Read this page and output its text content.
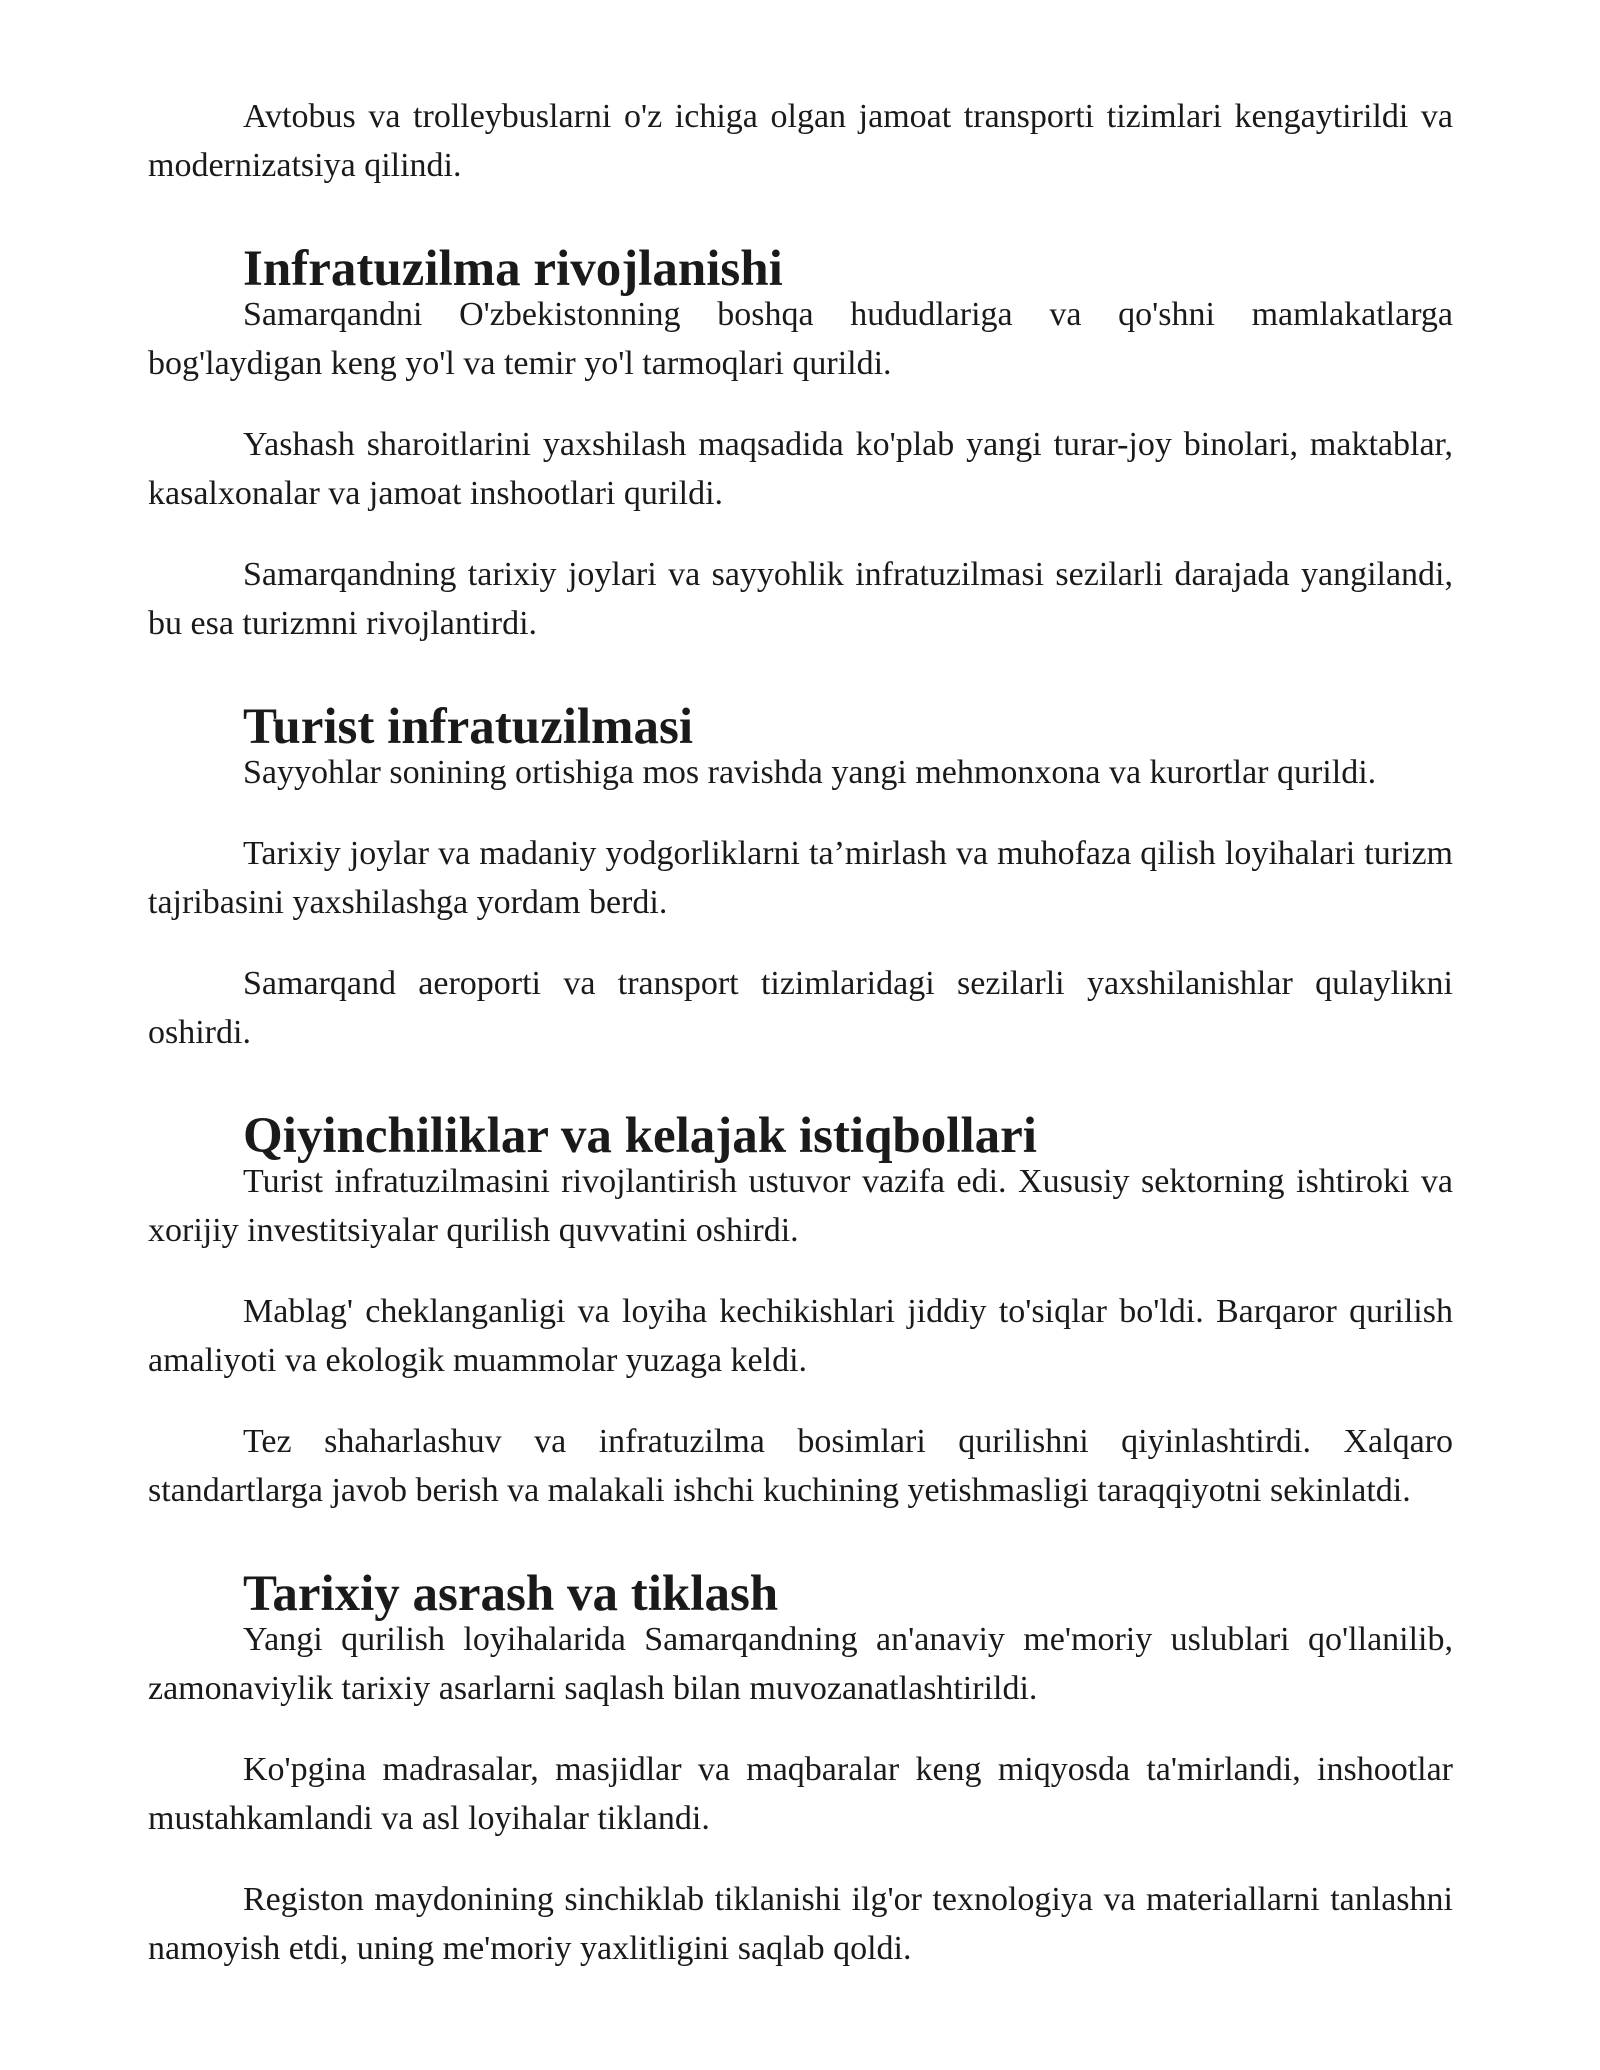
Avtobus va trolleybuslarni o'z ichiga olgan jamoat transporti tizimlari kengaytirildi va modernizatsiya qilindi.

Infratuzilma rivojlanishi

Samarqandni O'zbekistonning boshqa hududlariga va qo'shni mamlakatlarga bog'laydigan keng yo'l va temir yo'l tarmoqlari qurildi.

Yashash sharoitlarini yaxshilash maqsadida ko'plab yangi turar-joy binolari, maktablar, kasalxonalar va jamoat inshootlari qurildi.

Samarqandning tarixiy joylari va sayyohlik infratuzilmasi sezilarli darajada yangilandi, bu esa turizmni rivojlantirdi.

Turist infratuzilmasi

Sayyohlar sonining ortishiga mos ravishda yangi mehmonxona va kurortlar qurildi.

Tarixiy joylar va madaniy yodgorliklarni ta’mirlash va muhofaza qilish loyihalari turizm tajribasini yaxshilashga yordam berdi.

Samarqand aeroporti va transport tizimlaridagi sezilarli yaxshilanishlar qulaylikni oshirdi.

Qiyinchiliklar va kelajak istiqbollari

Turist infratuzilmasini rivojlantirish ustuvor vazifa edi. Xususiy sektorning ishtiroki va xorijiy investitsiyalar qurilish quvvatini oshirdi.

Mablag' cheklanganligi va loyiha kechikishlari jiddiy to'siqlar bo'ldi. Barqaror qurilish amaliyoti va ekologik muammolar yuzaga keldi.

Tez shaharlashuv va infratuzilma bosimlari qurilishni qiyinlashtirdi. Xalqaro standartlarga javob berish va malakali ishchi kuchining yetishmasligi taraqqiyotni sekinlatdi.

Tarixiy asrash va tiklash

Yangi qurilish loyihalarida Samarqandning an'anaviy me'moriy uslublari qo'llanilib, zamonaviylik tarixiy asarlarni saqlash bilan muvozanatlashtirildi.

Ko'pgina madrasalar, masjidlar va maqbaralar keng miqyosda ta'mirlandi, inshootlar mustahkamlandi va asl loyihalar tiklandi.

Registon maydonining sinchiklab tiklanishi ilg'or texnologiya va materiallarni tanlashni namoyish etdi, uning me'moriy yaxlitligini saqlab qoldi.
